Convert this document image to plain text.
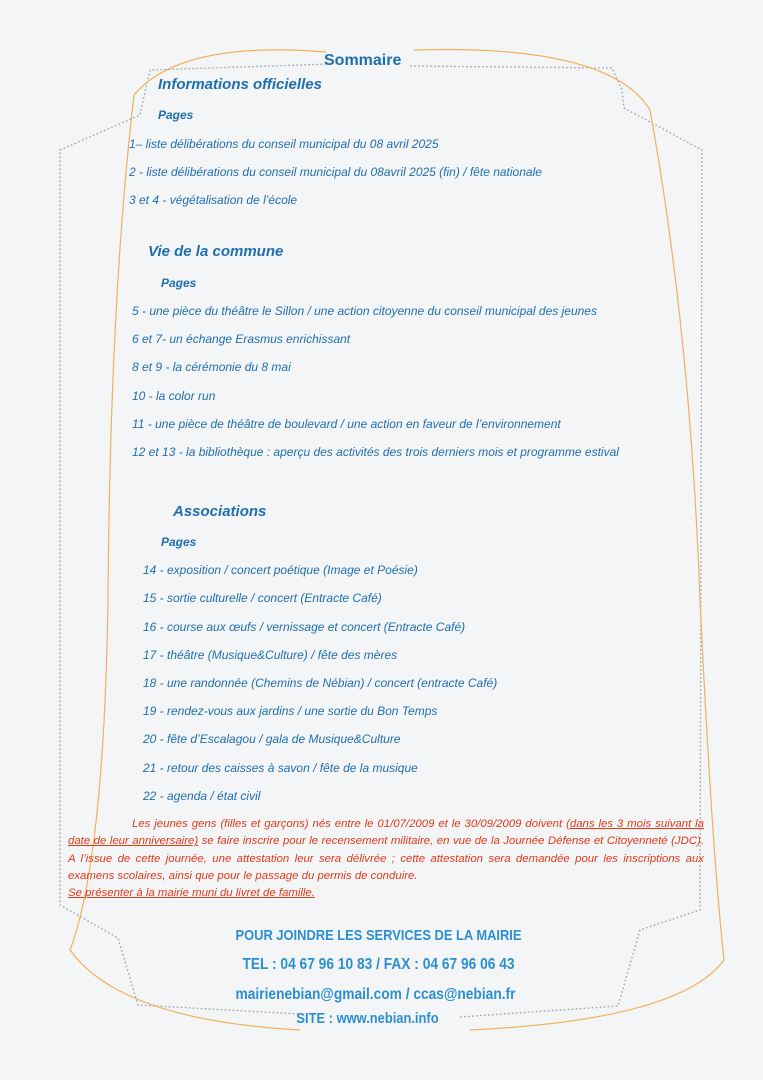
Sommaire
Informations officielles
Pages
1– liste délibérations du conseil municipal du 08 avril 2025
2 - liste délibérations du conseil municipal du 08avril 2025 (fin) / fête nationale
3 et 4 - végétalisation de l’école
Vie de la commune
Pages
5 - une pièce du théâtre le Sillon / une action citoyenne du conseil municipal des jeunes
6 et 7- un échange Erasmus enrichissant
8 et 9 - la cérémonie du 8 mai
10 - la color run
11 - une pièce de théâtre de boulevard / une action en faveur de l’environnement
12 et 13 - la bibliothèque : aperçu des activités des trois derniers mois et programme estival
Associations
Pages
14 - exposition / concert poétique (Image et Poésie)
15 - sortie culturelle / concert (Entracte Café)
16 - course aux œufs / vernissage et concert (Entracte Café)
17 - théâtre (Musique&Culture) / fête des mères
18 - une randonnée (Chemins de Nébian) / concert (entracte Café)
19 - rendez-vous aux jardins / une sortie du Bon Temps
20 - fête d’Escalagou / gala de Musique&Culture
21 - retour des caisses à savon / fête de la musique
22 - agenda / état civil
Les jeunes gens (filles et garçons) nés entre le 01/07/2009 et le 30/09/2009 doivent (dans les 3 mois suivant la date de leur anniversaire) se faire inscrire pour le recensement militaire, en vue de la Journée Défense et Citoyenneté (JDC). A l’issue de cette journée, une attestation leur sera délivrée ; cette attestation sera demandée pour les inscriptions aux examens scolaires, ainsi que pour le passage du permis de conduire.
Se présenter à la mairie muni du livret de famille.
POUR JOINDRE LES SERVICES DE LA MAIRIE
TEL : 04 67 96 10 83 / FAX : 04 67 96 06 43
mairienebian@gmail.com / ccas@nebian.fr
SITE : www.nebian.info
